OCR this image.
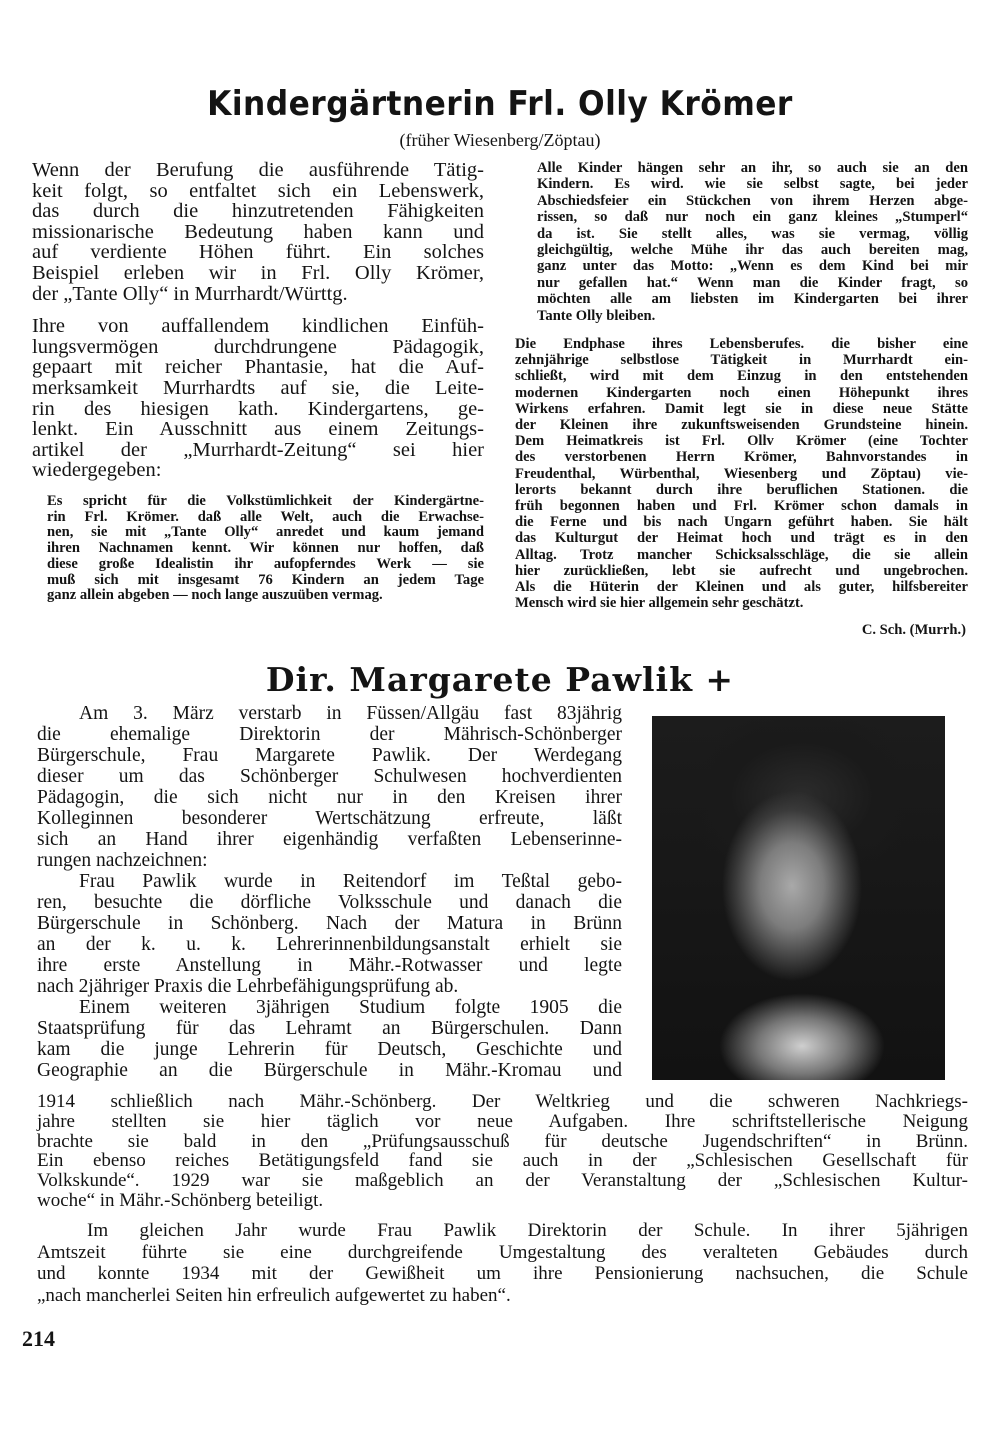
Kindergärtnerin Frl. Olly Krömer
(früher Wiesenberg/Zöptau)
Wenn der Berufung die ausführende Tätig-
keit folgt, so entfaltet sich ein Lebenswerk,
das durch die hinzutretenden Fähigkeiten
missionarische Bedeutung haben kann und
auf verdiente Höhen führt. Ein solches
Beispiel erleben wir in Frl. Olly Krömer,
der „Tante Olly“ in Murrhardt/Württg.
Ihre von auffallendem kindlichen Einfüh-
lungsvermögen durchdrungene Pädagogik,
gepaart mit reicher Phantasie, hat die Auf-
merksamkeit Murrhardts auf sie, die Leite-
rin des hiesigen kath. Kindergartens, ge-
lenkt. Ein Ausschnitt aus einem Zeitungs-
artikel der „Murrhardt-Zeitung“ sei hier
wiedergegeben:
Es spricht für die Volkstümlichkeit der Kindergärtne-
rin Frl. Krömer. daß alle Welt, auch die Erwachse-
nen, sie mit „Tante Olly“ anredet und kaum jemand
ihren Nachnamen kennt. Wir können nur hoffen, daß
diese große Idealistin ihr aufopferndes Werk — sie
muß sich mit insgesamt 76 Kindern an jedem Tage
ganz allein abgeben — noch lange auszuüben vermag.
Alle Kinder hängen sehr an ihr, so auch sie an den
Kindern. Es wird. wie sie selbst sagte, bei jeder
Abschiedsfeier ein Stückchen von ihrem Herzen abge-
rissen, so daß nur noch ein ganz kleines „Stumperl“
da ist. Sie stellt alles, was sie vermag, völlig
gleichgültig, welche Mühe ihr das auch bereiten mag,
ganz unter das Motto: „Wenn es dem Kind bei mir
nur gefallen hat.“ Wenn man die Kinder fragt, so
möchten alle am liebsten im Kindergarten bei ihrer
Tante Olly bleiben.
Die Endphase ihres Lebensberufes. die bisher eine
zehnjährige selbstlose Tätigkeit in Murrhardt ein-
schließt, wird mit dem Einzug in den entstehenden
modernen Kindergarten noch einen Höhepunkt ihres
Wirkens erfahren. Damit legt sie in diese neue Stätte
der Kleinen ihre zukunftsweisenden Grundsteine hinein.
Dem Heimatkreis ist Frl. Ollv Krömer (eine Tochter
des verstorbenen Herrn Krömer, Bahnvorstandes in
Freudenthal, Würbenthal, Wiesenberg und Zöptau) vie-
lerorts bekannt durch ihre beruflichen Stationen. die
früh begonnen haben und Frl. Krömer schon damals in
die Ferne und bis nach Ungarn geführt haben. Sie hält
das Kulturgut der Heimat hoch und trägt es in den
Alltag. Trotz mancher Schicksalsschläge, die sie allein
hier zurückließen, lebt sie aufrecht und ungebrochen.
Als die Hüterin der Kleinen und als guter, hilfsbereiter
Mensch wird sie hier allgemein sehr geschätzt.
C. Sch. (Murrh.)
Dir. Margarete Pawlik +
Am 3. März verstarb in Füssen/Allgäu fast 83jährig
die ehemalige Direktorin der Mährisch-Schönberger
Bürgerschule, Frau Margarete Pawlik. Der Werdegang
dieser um das Schönberger Schulwesen hochverdienten
Pädagogin, die sich nicht nur in den Kreisen ihrer
Kolleginnen besonderer Wertschätzung erfreute, läßt
sich an Hand ihrer eigenhändig verfaßten Lebenserinne-
rungen nachzeichnen:
Frau Pawlik wurde in Reitendorf im Teßtal gebo-
ren, besuchte die dörfliche Volksschule und danach die
Bürgerschule in Schönberg. Nach der Matura in Brünn
an der k. u. k. Lehrerinnenbildungsanstalt erhielt sie
ihre erste Anstellung in Mähr.-Rotwasser und legte
nach 2jähriger Praxis die Lehrbefähigungsprüfung ab.
Einem weiteren 3jährigen Studium folgte 1905 die
Staatsprüfung für das Lehramt an Bürgerschulen. Dann
kam die junge Lehrerin für Deutsch, Geschichte und
Geographie an die Bürgerschule in Mähr.-Kromau und
1914 schließlich nach Mähr.-Schönberg. Der Weltkrieg und die schweren Nachkriegs-
jahre stellten sie hier täglich vor neue Aufgaben. Ihre schriftstellerische Neigung
brachte sie bald in den „Prüfungsausschuß für deutsche Jugendschriften“ in Brünn.
Ein ebenso reiches Betätigungsfeld fand sie auch in der „Schlesischen Gesellschaft für
Volkskunde“. 1929 war sie maßgeblich an der Veranstaltung der „Schlesischen Kultur-
woche“ in Mähr.-Schönberg beteiligt.
Im gleichen Jahr wurde Frau Pawlik Direktorin der Schule. In ihrer 5jährigen
Amtszeit führte sie eine durchgreifende Umgestaltung des veralteten Gebäudes durch
und konnte 1934 mit der Gewißheit um ihre Pensionierung nachsuchen, die Schule
„nach mancherlei Seiten hin erfreulich aufgewertet zu haben“.
214
